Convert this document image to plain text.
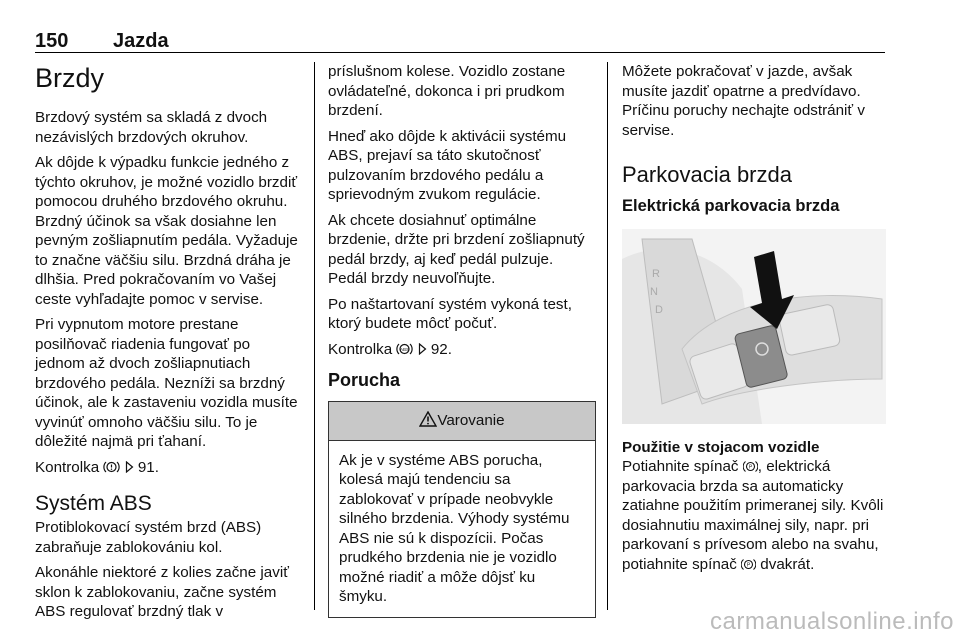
150 Jazda
Brzdy

Brzdový systém sa skladá z dvoch nezávislých brzdových okruhov.

Ak dôjde k výpadku funkcie jedného z týchto okruhov, je možné vozidlo brzdiť pomocou druhého brzdového okruhu. Brzdný účinok sa však dosiahne len pevným zošliapnutím pedála. Vyžaduje to značne väčšiu silu. Brzdná dráha je dlhšia. Pred pokračovaním vo Vašej ceste vyhľadajte pomoc v servise.

Pri vypnutom motore prestane posilňovač riadenia fungovať po jednom až dvoch zošliapnutiach brzdového pedála. Nezníži sa brzdný účinok, ale k zastaveniu vozidla musíte vyvinúť omnoho väčšiu silu. To je dôležité najmä pri ťahaní.

Kontrolka   91.

Systém ABS

Protiblokovací systém brzd (ABS) zabraňuje zablokovániu kol.

Akonáhle niektoré z kolies začne javiť sklon k zablokovaniu, začne systém ABS regulovať brzdný tlak v

príslušnom kolese. Vozidlo zostane ovládateľné, dokonca i pri prudkom brzdení.

Hneď ako dôjde k aktivácii systému ABS, prejaví sa táto skutočnosť pulzovaním brzdového pedálu a sprievodným zvukom regulácie.

Ak chcete dosiahnuť optimálne brzdenie, držte pri brzdení zošliapnutý pedál brzdy, aj keď pedál pulzuje. Pedál brzdy neuvoľňujte.

Po naštartovaní systém vykoná test, ktorý budete môcť počuť.

Kontrolka ABS 92.

Porucha
Varovanie
Ak je v systéme ABS porucha, kolesá majú tendenciu sa zablokovať v prípade neobvykle silného brzdenia. Výhody systému ABS nie sú k dispozícii. Počas prudkého brzdenia nie je vozidlo možné riadiť a môže dôjsť ku šmyku.

Môžete pokračovať v jazde, avšak musíte jazdiť opatrne a predvídavo. Príčinu poruchy nechajte odstrániť v servise.

Parkovacia brzda
Elektrická parkovacia brzda
R
N
D
Použitie v stojacom vozidle

Potiahnite spínač P , elektrická parkovacia brzda sa automaticky zatiahne použitím primeranej sily. Kvôli dosiahnutiu maximálnej sily, napr. pri parkovaní s prívesom alebo na svahu, potiahnite spínač P dvakrát.

carmanualsonline.info
